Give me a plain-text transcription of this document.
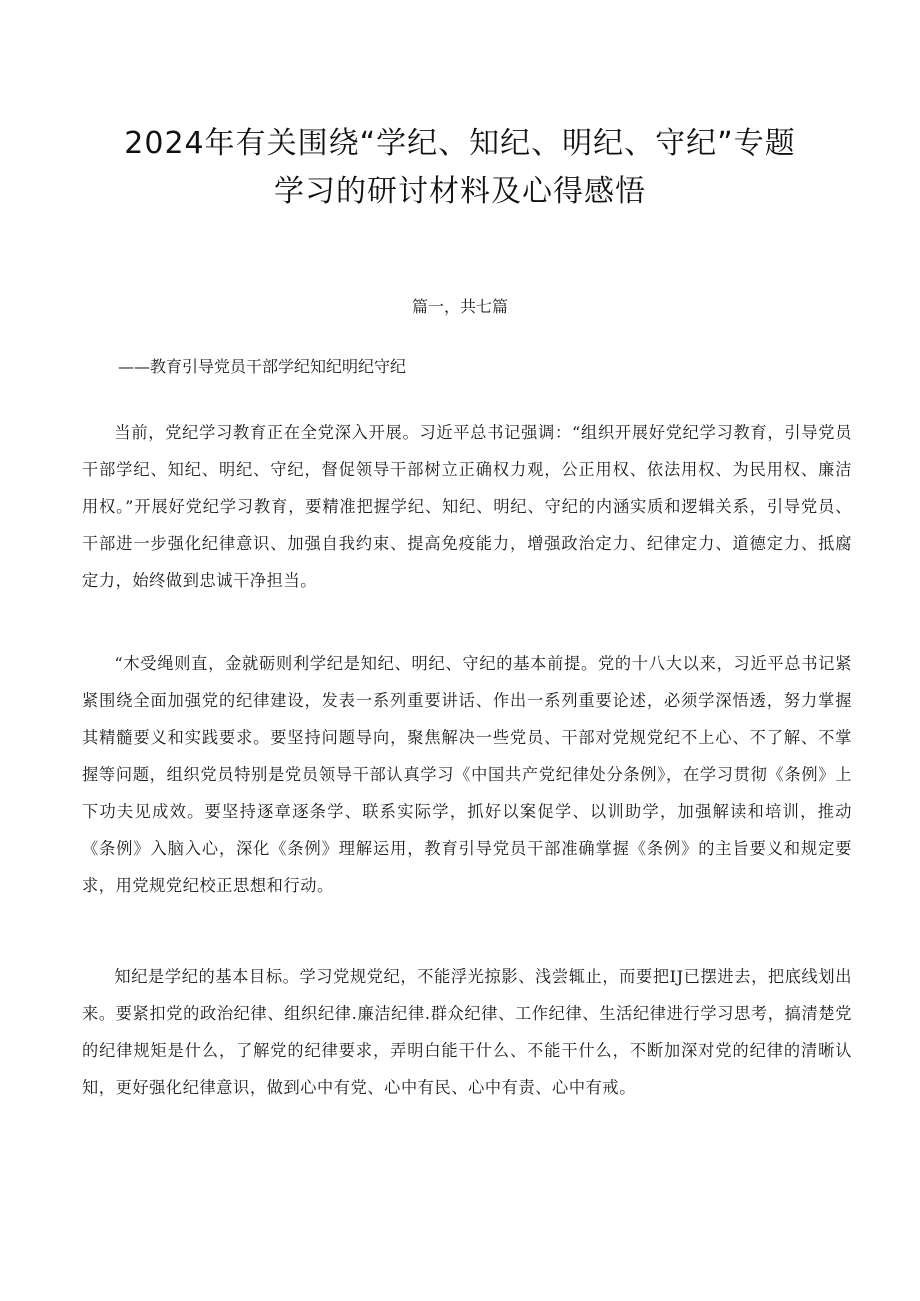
2024年有关围绕“学纪、知纪、明纪、守纪”专题
学习的研讨材料及心得感悟
篇一，共七篇
——教育引导党员干部学纪知纪明纪守纪

当前，党纪学习教育正在全党深入开展。习近平总书记强调：“组织开展好党纪学习教育，引导党员干部学纪、知纪、明纪、守纪，督促领导干部树立正确权力观，公正用权、依法用权、为民用权、廉洁用权。”开展好党纪学习教育，要精准把握学纪、知纪、明纪、守纪的内涵实质和逻辑关系，引导党员、干部进一步强化纪律意识、加强自我约束、提高免疫能力，增强政治定力、纪律定力、道德定力、抵腐定力，始终做到忠诚干净担当。

“木受绳则直，金就砺则利学纪是知纪、明纪、守纪的基本前提。党的十八大以来，习近平总书记紧紧围绕全面加强党的纪律建设，发表一系列重要讲话、作出一系列重要论述，必须学深悟透，努力掌握其精髓要义和实践要求。要坚持问题导向，聚焦解决一些党员、干部对党规党纪不上心、不了解、不掌握等问题，组织党员特别是党员领导干部认真学习《中国共产党纪律处分条例》，在学习贯彻《条例》上下功夫见成效。要坚持逐章逐条学、联系实际学，抓好以案促学、以训助学，加强解读和培训，推动《条例》入脑入心，深化《条例》理解运用，教育引导党员干部准确掌握《条例》的主旨要义和规定要求，用党规党纪校正思想和行动。

知纪是学纪的基本目标。学习党规党纪，不能浮光掠影、浅尝辄止，而要把IJ已摆进去，把底线划出来。要紧扣党的政治纪律、组织纪律.廉洁纪律.群众纪律、工作纪律、生活纪律进行学习思考，搞清楚党的纪律规矩是什么，了解党的纪律要求，弄明白能干什么、不能干什么，不断加深对党的纪律的清晰认知，更好强化纪律意识，做到心中有党、心中有民、心中有责、心中有戒。
